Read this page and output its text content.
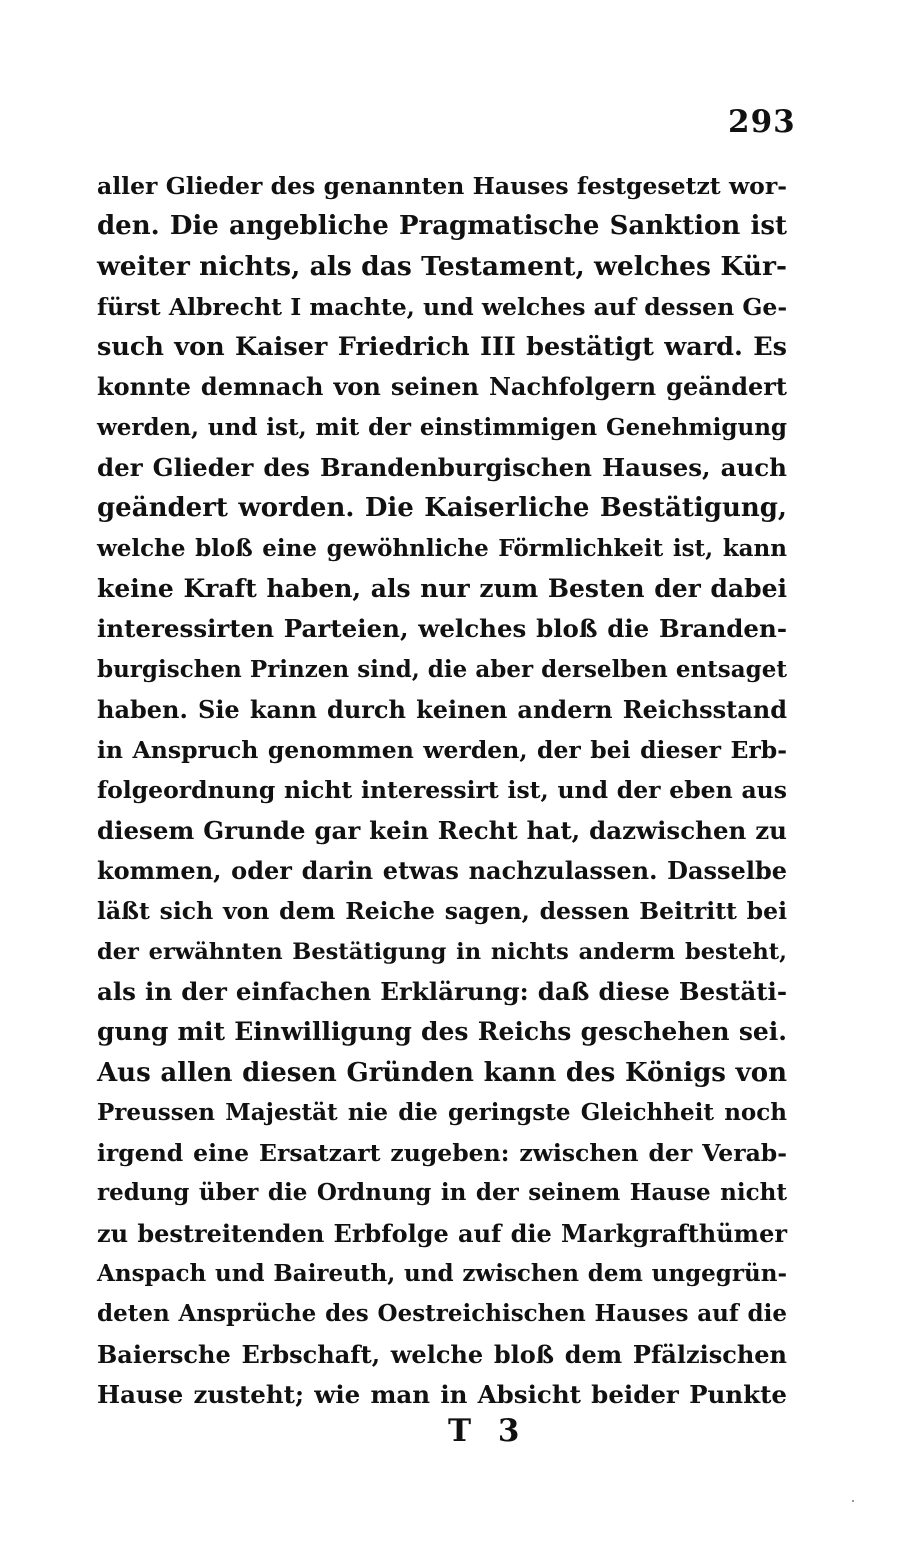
293
aller Glieder des genannten Hauses festgesetzt wor-
den. Die angebliche Pragmatische Sanktion ist
weiter nichts, als das Testament, welches Kür-
fürst Albrecht I machte, und welches auf dessen Ge-
such von Kaiser Friedrich III bestätigt ward. Es
konnte demnach von seinen Nachfolgern geändert
werden, und ist, mit der einstimmigen Genehmigung
der Glieder des Brandenburgischen Hauses, auch
geändert worden. Die Kaiserliche Bestätigung,
welche bloß eine gewöhnliche Förmlichkeit ist, kann
keine Kraft haben, als nur zum Besten der dabei
interessirten Parteien, welches bloß die Branden-
burgischen Prinzen sind, die aber derselben entsaget
haben. Sie kann durch keinen andern Reichsstand
in Anspruch genommen werden, der bei dieser Erb-
folgeordnung nicht interessirt ist, und der eben aus
diesem Grunde gar kein Recht hat, dazwischen zu
kommen, oder darin etwas nachzulassen. Dasselbe
läßt sich von dem Reiche sagen, dessen Beitritt bei
der erwähnten Bestätigung in nichts anderm besteht,
als in der einfachen Erklärung: daß diese Bestäti-
gung mit Einwilligung des Reichs geschehen sei.
Aus allen diesen Gründen kann des Königs von
Preussen Majestät nie die geringste Gleichheit noch
irgend eine Ersatzart zugeben: zwischen der Verab-
redung über die Ordnung in der seinem Hause nicht
zu bestreitenden Erbfolge auf die Markgrafthümer
Anspach und Baireuth, und zwischen dem ungegrün-
deten Ansprüche des Oestreichischen Hauses auf die
Baiersche Erbschaft, welche bloß dem Pfälzischen
Hause zusteht; wie man in Absicht beider Punkte
T 3
